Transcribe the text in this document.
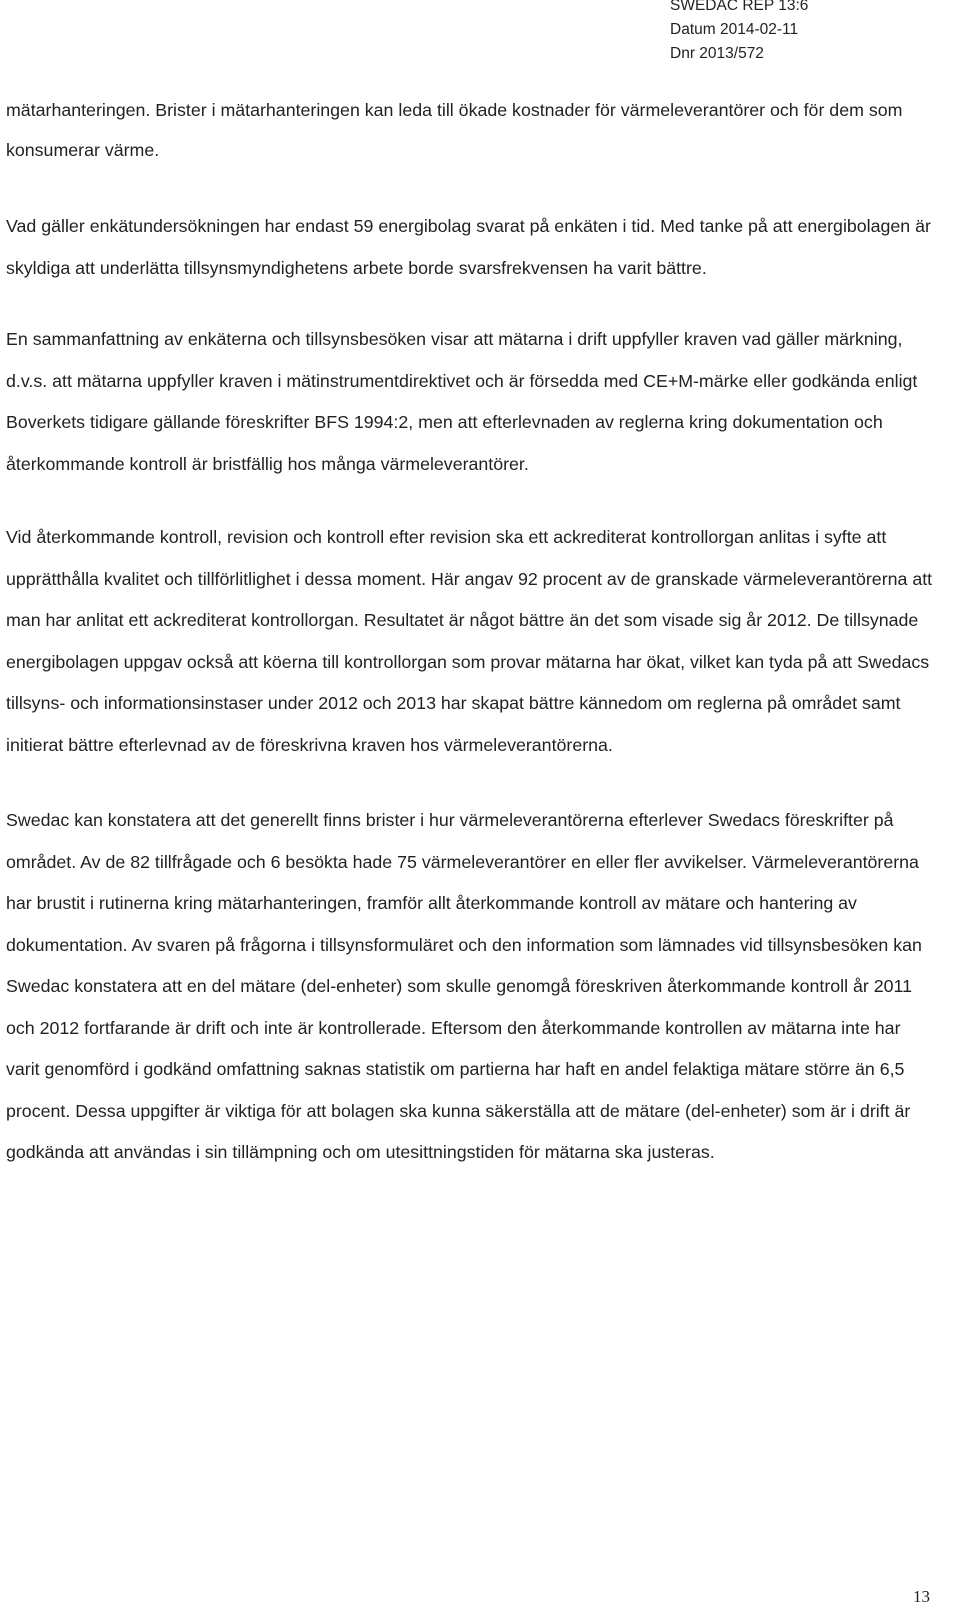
SWEDAC REP 13:6
Datum 2014-02-11
Dnr 2013/572

mätarhanteringen. Brister i mätarhanteringen kan leda till ökade kostnader för värmeleverantörer och för dem som konsumerar värme.

Vad gäller enkätundersökningen har endast 59 energibolag svarat på enkäten i tid. Med tanke på att energibolagen är skyldiga att underlätta tillsynsmyndighetens arbete borde svarsfrekvensen ha varit bättre.

En sammanfattning av enkäterna och tillsynsbesöken visar att mätarna i drift uppfyller kraven vad gäller märkning, d.v.s. att mätarna uppfyller kraven i mätinstrumentdirektivet och är försedda med CE+M-märke eller godkända enligt Boverkets tidigare gällande föreskrifter BFS 1994:2, men att efterlevnaden av reglerna kring dokumentation och återkommande kontroll är bristfällig hos många värmeleverantörer.

Vid återkommande kontroll, revision och kontroll efter revision ska ett ackrediterat kontrollorgan anlitas i syfte att upprätthålla kvalitet och tillförlitlighet i dessa moment. Här angav 92 procent av de granskade värmeleverantörerna att man har anlitat ett ackrediterat kontrollorgan. Resultatet är något bättre än det som visade sig år 2012. De tillsynade energibolagen uppgav också att köerna till kontrollorgan som provar mätarna har ökat, vilket kan tyda på att Swedacs tillsyns- och informationsinstaser under 2012 och 2013 har skapat bättre kännedom om reglerna på området samt initierat bättre efterlevnad av de föreskrivna kraven hos värmeleverantörerna.

Swedac kan konstatera att det generellt finns brister i hur värmeleverantörerna efterlever Swedacs föreskrifter på området. Av de 82 tillfrågade och 6 besökta hade 75 värmeleverantörer en eller fler avvikelser. Värmeleverantörerna har brustit i rutinerna kring mätarhanteringen, framför allt återkommande kontroll av mätare och hantering av dokumentation. Av svaren på frågorna i tillsynsformuläret och den information som lämnades vid tillsynsbesöken kan Swedac konstatera att en del mätare (del-enheter) som skulle genomgå föreskriven återkommande kontroll år 2011 och 2012 fortfarande är drift och inte är kontrollerade. Eftersom den återkommande kontrollen av mätarna inte har varit genomförd i godkänd omfattning saknas statistik om partierna har haft en andel felaktiga mätare större än 6,5 procent. Dessa uppgifter är viktiga för att bolagen ska kunna säkerställa att de mätare (del-enheter) som är i drift är godkända att användas i sin tillämpning och om utesittningstiden för mätarna ska justeras.

13
